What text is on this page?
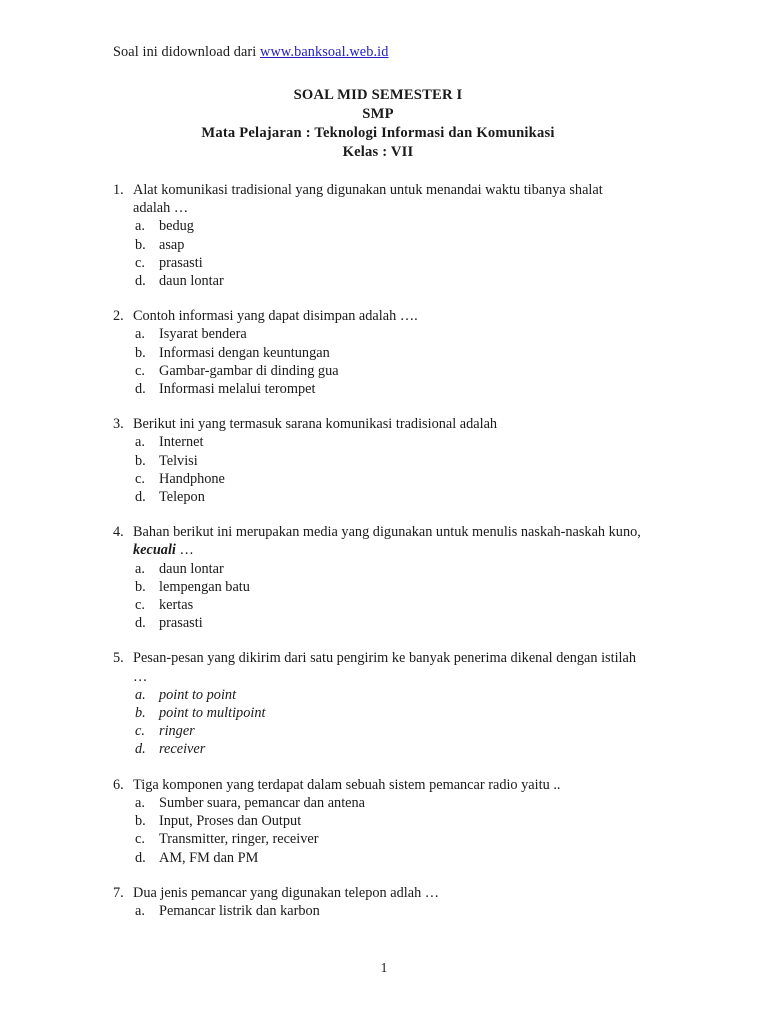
Soal ini didownload dari www.banksoal.web.id
SOAL MID SEMESTER I
SMP
Mata Pelajaran : Teknologi Informasi dan Komunikasi
Kelas : VII
1. Alat komunikasi tradisional yang digunakan untuk menandai waktu tibanya shalat adalah …
a. bedug
b. asap
c. prasasti
d. daun lontar
2. Contoh informasi yang dapat disimpan adalah ….
a. Isyarat bendera
b. Informasi dengan keuntungan
c. Gambar-gambar di dinding gua
d. Informasi melalui terompet
3. Berikut ini yang termasuk sarana komunikasi tradisional adalah
a. Internet
b. Telvisi
c. Handphone
d. Telepon
4. Bahan berikut ini merupakan media yang digunakan untuk menulis naskah-naskah kuno, kecuali …
a. daun lontar
b. lempengan batu
c. kertas
d. prasasti
5. Pesan-pesan yang dikirim dari satu pengirim ke banyak penerima dikenal dengan istilah …
a. point to point
b. point to multipoint
c. ringer
d. receiver
6. Tiga komponen yang terdapat dalam sebuah sistem pemancar radio yaitu ..
a. Sumber suara, pemancar dan antena
b. Input, Proses dan Output
c. Transmitter, ringer, receiver
d. AM, FM dan PM
7. Dua jenis pemancar yang digunakan telepon adlah …
a. Pemancar listrik dan karbon
1
